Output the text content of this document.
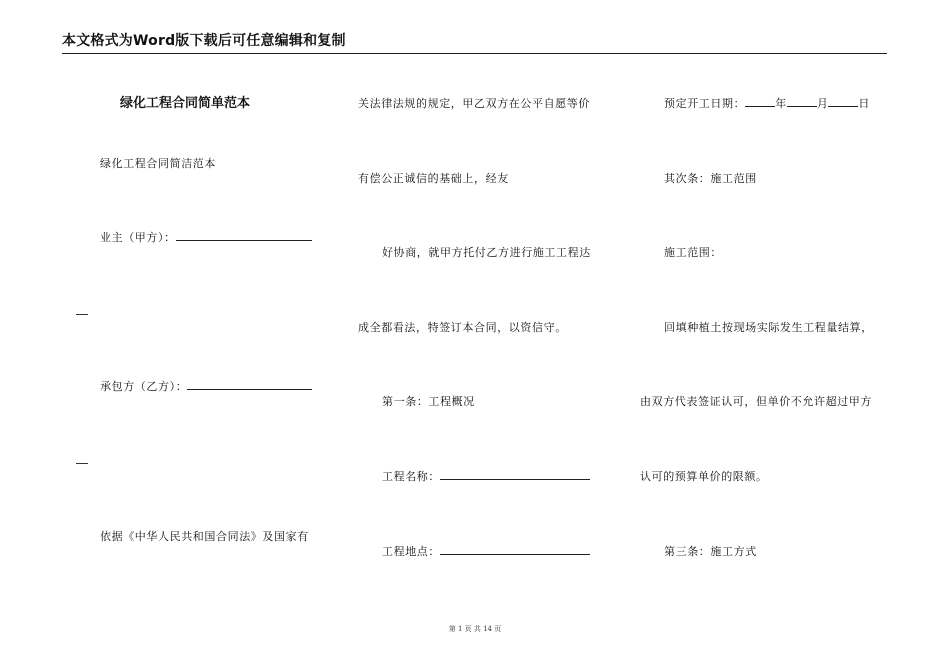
本文格式为Word版下载后可任意编辑和复制
绿化工程合同简单范本
绿化工程合同简洁范本
业主（甲方）：
承包方（乙方）：
依据《中华人民共和国合同法》及国家有
关法律法规的规定，甲乙双方在公平自愿等价
有偿公正诚信的基础上，经友
好协商，就甲方托付乙方进行施工工程达
成全都看法，特签订本合同，以资信守。
第一条：工程概况
工程名称：
工程地点：
预定开工日期：	年	月	日
其次条：施工范围
施工范围：
回填种植土按现场实际发生工程量结算，
由双方代表签证认可，但单价不允许超过甲方
认可的预算单价的限额。
第三条：施工方式
第 1 页 共 14 页
